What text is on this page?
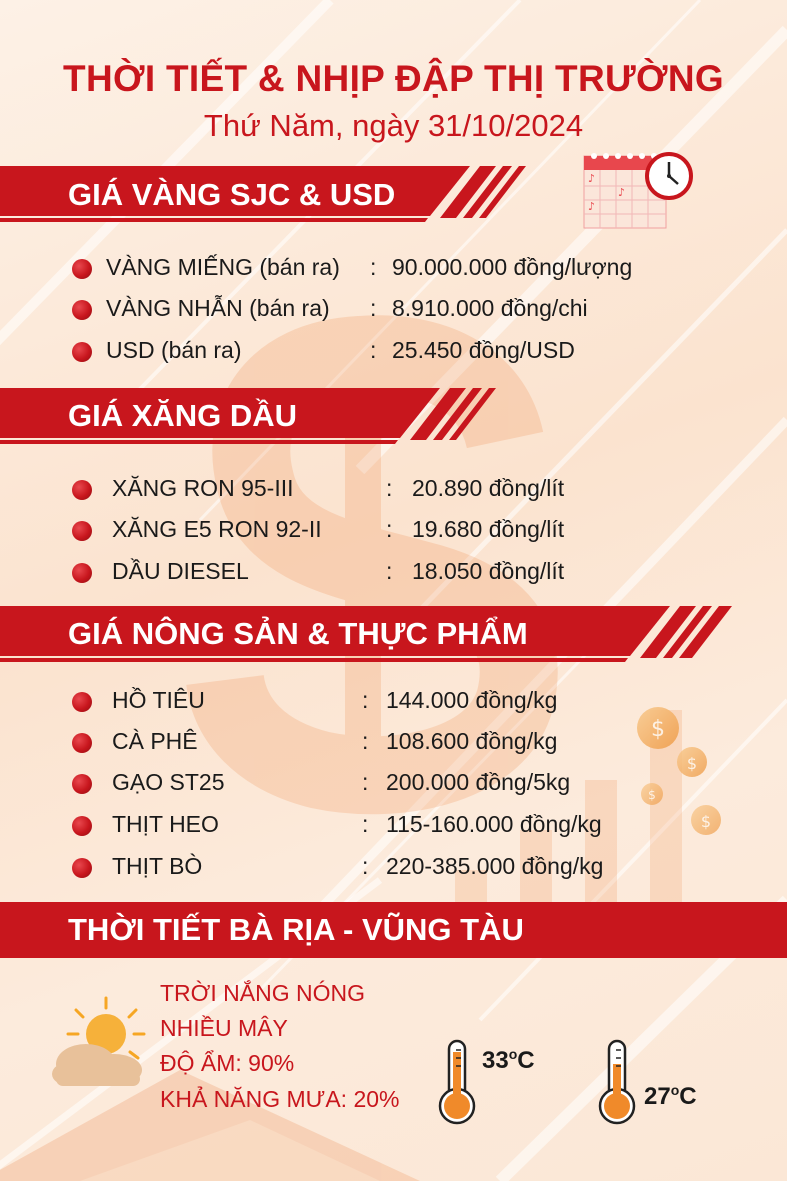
♪
♪
♪
$
$
$
$
THỜI TIẾT & NHỊP ĐẬP THỊ TRƯỜNG
Thứ Năm, ngày 31/10/2024
GIÁ VÀNG SJC & USD
VÀNG MIẾNG (bán ra) : 90.000.000 đồng/lượng
VÀNG NHẪN (bán ra) : 8.910.000 đồng/chi
USD (bán ra)	: 25.450 đồng/USD
GIÁ XĂNG DẦU
XĂNG RON 95-III	: 20.890 đồng/lít
XĂNG E5 RON 92-II	: 19.680 đồng/lít
DẦU DIESEL	: 18.050 đồng/lít
GIÁ NÔNG SẢN & THỰC PHẨM
HỒ TIÊU	: 144.000 đồng/kg
CÀ PHÊ	: 108.600 đồng/kg
GẠO ST25	: 200.000 đồng/5kg
THỊT HEO	: 115-160.000 đồng/kg
THỊT BÒ	: 220-385.000 đồng/kg
THỜI TIẾT BÀ RỊA - VŨNG TÀU
TRỜI NẮNG NÓNG
NHIỀU MÂY
ĐỘ ẨM: 90%
KHẢ NĂNG MƯA: 20%
33$^o$C
27$^o$C
